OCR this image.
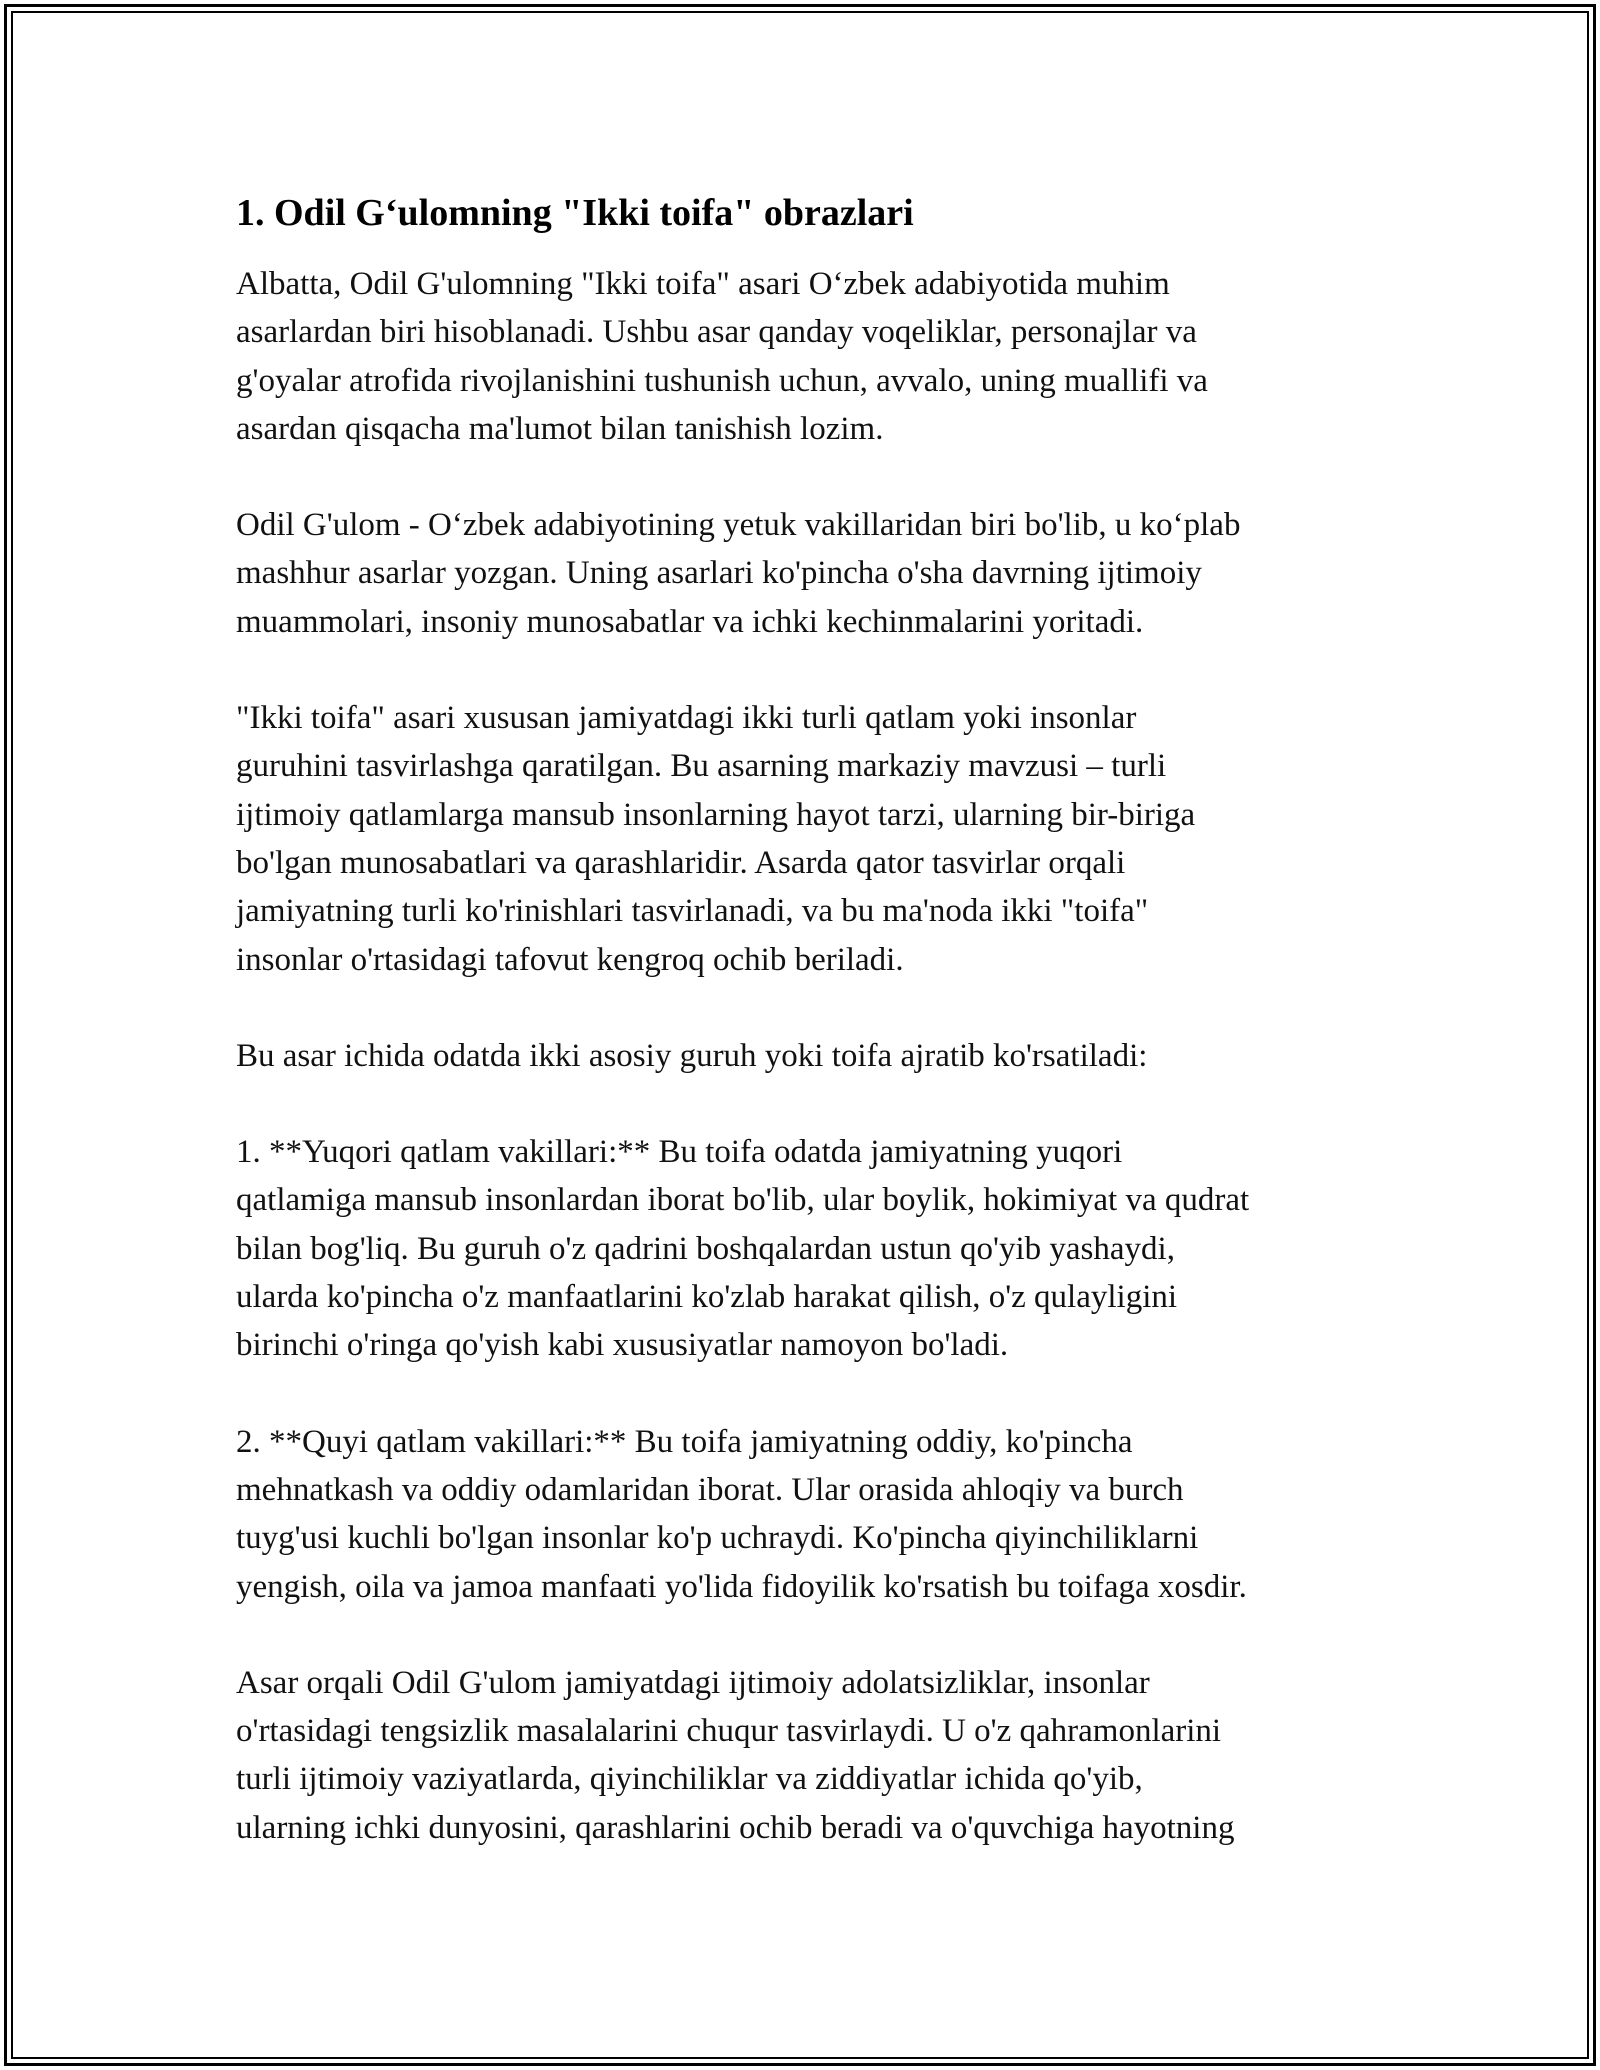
1. Odil G‘ulomning "Ikki toifa" obrazlari
Albatta, Odil G'ulomning "Ikki toifa" asari O‘zbek adabiyotida muhim
asarlardan biri hisoblanadi. Ushbu asar qanday voqeliklar, personajlar va
g'oyalar atrofida rivojlanishini tushunish uchun, avvalo, uning muallifi va
asardan qisqacha ma'lumot bilan tanishish lozim.
Odil G'ulom - O‘zbek adabiyotining yetuk vakillaridan biri bo'lib, u ko‘plab
mashhur asarlar yozgan. Uning asarlari ko'pincha o'sha davrning ijtimoiy
muammolari, insoniy munosabatlar va ichki kechinmalarini yoritadi.
"Ikki toifa" asari xususan jamiyatdagi ikki turli qatlam yoki insonlar
guruhini tasvirlashga qaratilgan. Bu asarning markaziy mavzusi – turli
ijtimoiy qatlamlarga mansub insonlarning hayot tarzi, ularning bir-biriga
bo'lgan munosabatlari va qarashlaridir. Asarda qator tasvirlar orqali
jamiyatning turli ko'rinishlari tasvirlanadi, va bu ma'noda ikki "toifa"
insonlar o'rtasidagi tafovut kengroq ochib beriladi.
Bu asar ichida odatda ikki asosiy guruh yoki toifa ajratib ko'rsatiladi:
1. **Yuqori qatlam vakillari:** Bu toifa odatda jamiyatning yuqori
qatlamiga mansub insonlardan iborat bo'lib, ular boylik, hokimiyat va qudrat
bilan bog'liq. Bu guruh o'z qadrini boshqalardan ustun qo'yib yashaydi,
ularda ko'pincha o'z manfaatlarini ko'zlab harakat qilish, o'z qulayligini
birinchi o'ringa qo'yish kabi xususiyatlar namoyon bo'ladi.
2. **Quyi qatlam vakillari:** Bu toifa jamiyatning oddiy, ko'pincha
mehnatkash va oddiy odamlaridan iborat. Ular orasida ahloqiy va burch
tuyg'usi kuchli bo'lgan insonlar ko'p uchraydi. Ko'pincha qiyinchiliklarni
yengish, oila va jamoa manfaati yo'lida fidoyilik ko'rsatish bu toifaga xosdir.
Asar orqali Odil G'ulom jamiyatdagi ijtimoiy adolatsizliklar, insonlar
o'rtasidagi tengsizlik masalalarini chuqur tasvirlaydi. U o'z qahramonlarini
turli ijtimoiy vaziyatlarda, qiyinchiliklar va ziddiyatlar ichida qo'yib,
ularning ichki dunyosini, qarashlarini ochib beradi va o'quvchiga hayotning
